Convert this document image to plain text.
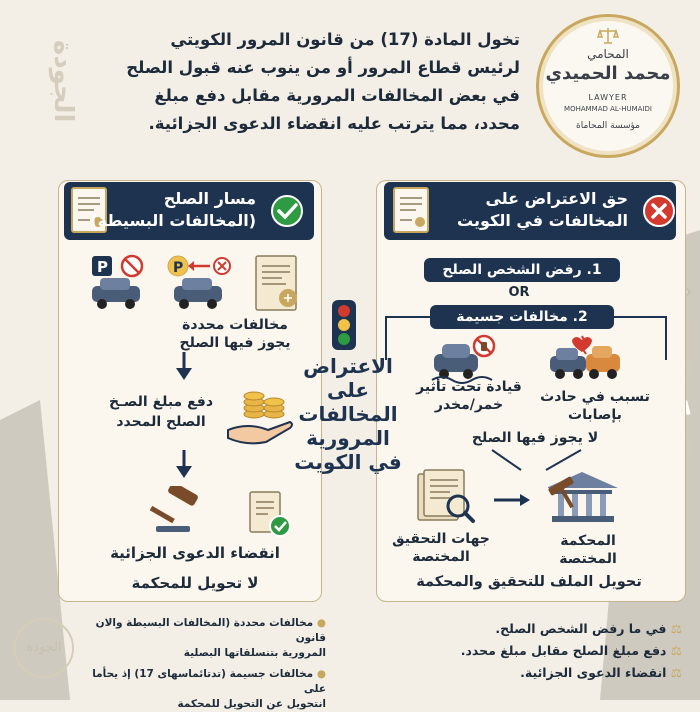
الجودة
الجودة
تخول المادة (17) من قانون المرور الكويتي
لرئيس قطاع المرور أو من ينوب عنه قبول الصلح
في بعض المخالفات المرورية مقابل دفع مبلغ
محدد، مما يترتب عليه انقضاء الدعوى الجزائية.
المحامي
محمد الحميدي
LAWYER
MOHAMMAD AL-HUMAIDI
مؤسسة المحاماة
حق الاعتراض على
المخالفات في الكويت
1. رفض الشخص الصلح
OR
2. مخالفات جسيمة
تسبب في حادث
بإصابات
قيادة تحت تأثير
خمر/مخدر
لا يجوز فيها الصلح
المحكمة
المختصة
جهات التحقيق
المختصة
تحويل الملف للتحقيق والمحكمة
مسار الصلح
(المخالفات البسيطة)
P	P
مخالفات محددة
يجوز فيها الصلح
دفع مبلغ الصـخ
الصلح المحدد
انقضاء الدعوى الجزائية
لا تحويل للمحكمة
الاعتراض
على
المخالفات
المرورية
في الكويت
● مخالفات محددة (المخالفات البسيطة والان قانون
المرورية بتنسلقاتها البصلية
● مخالفات جسيمة (تدتائماسهای 17) إذ يحأما على
انتحويل عن التحويل للمحكمة
⚖ في ما رفض الشخص الصلح.
⚖ دفع مبلغ الصلح مقابل مبلغ محدد.
⚖ انقضاء الدعوى الجزائية.
